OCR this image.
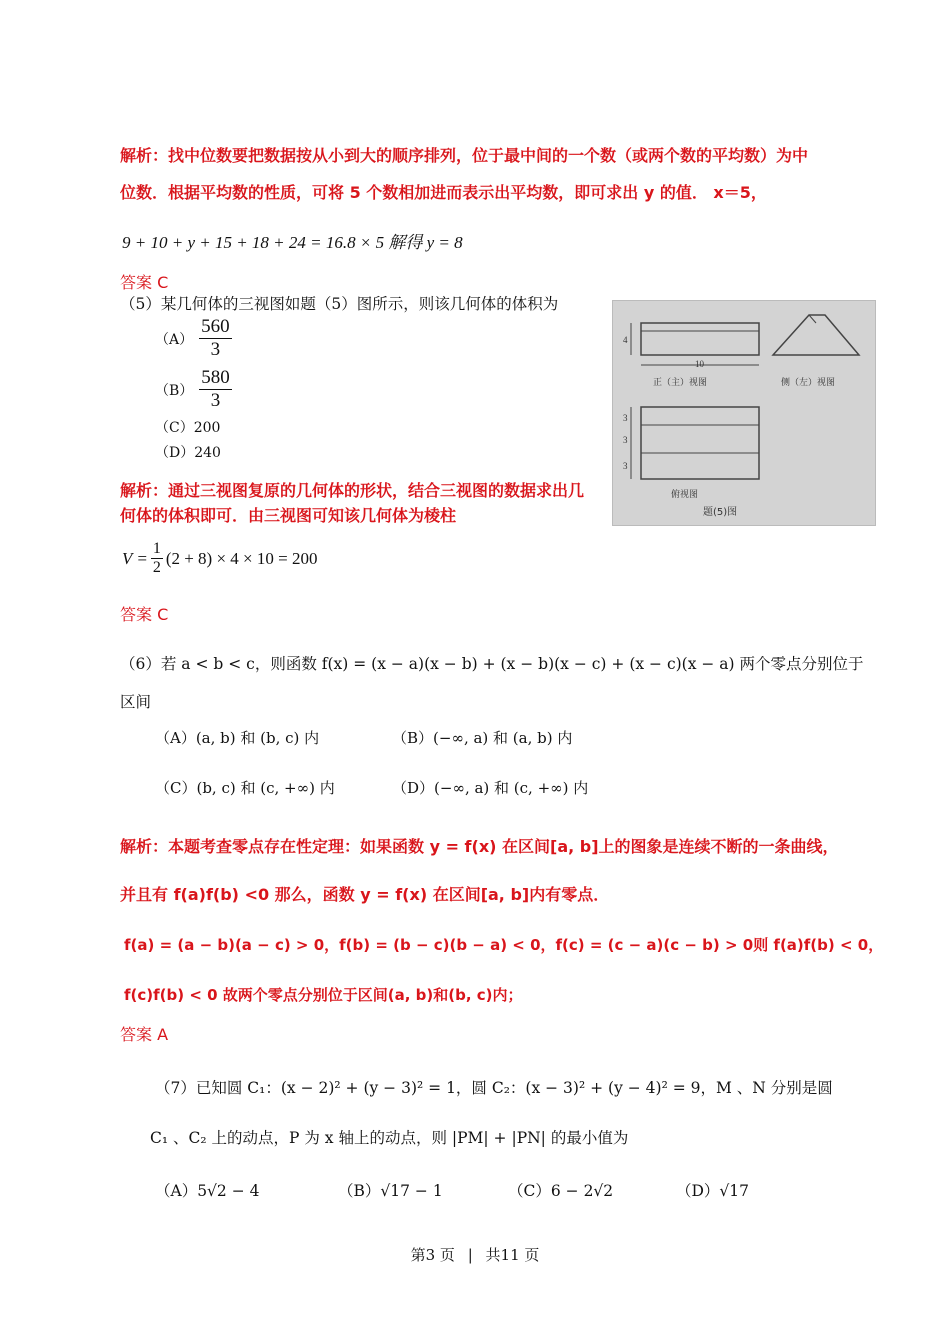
解析：找中位数要把数据按从小到大的顺序排列，位于最中间的一个数（或两个数的平均数）为中
位数．根据平均数的性质，可将 5 个数相加进而表示出平均数，即可求出 y 的值． x＝5，
9 + 10 + y + 15 + 18 + 24 = 16.8 × 5 解得 y = 8
答案 C
（5）某几何体的三视图如题（5）图所示，则该几何体的体积为
$(A) \frac{560}{3}$
$(B) \frac{580}{3}$
（C）200
（D）240
解析：通过三视图复原的几何体的形状，结合三视图的数据求出几
何体的体积即可．由三视图可知该几何体为棱柱
$V = \frac{1}{2} (2 + 8) \times 4 \times 10 = 200$
答案 C
4
10
正（主）视图	侧（左）视图
3
3
3
俯视图
题(5)图
（6）若 a < b < c，则函数 f(x) = (x − a)(x − b) + (x − b)(x − c) + (x − c)(x − a) 两个零点分别位于
区间
（A）(a, b) 和 (b, c) 内	（B）(−∞, a) 和 (a, b) 内
（C）(b, c) 和 (c, +∞) 内	（D）(−∞, a) 和 (c, +∞) 内
解析：本题考查零点存在性定理：如果函数 y = f(x) 在区间[a, b]上的图象是连续不断的一条曲线，
并且有 f(a)f(b) <0 那么，函数 y = f(x) 在区间[a, b]内有零点．
f(a) = (a − b)(a − c) > 0，f(b) = (b − c)(b − a) < 0，f(c) = (c − a)(c − b) > 0则 f(a)f(b) < 0，
f(c)f(b) < 0 故两个零点分别位于区间(a, b)和(b, c)内；
答案 A
（7）已知圆 C₁：(x − 2)² + (y − 3)² = 1，圆 C₂：(x − 3)² + (y − 4)² = 9，M 、N 分别是圆
C₁ 、C₂ 上的动点，P 为 x 轴上的动点，则 |PM| + |PN| 的最小值为
（A）5√2 − 4	（B）√17 − 1	（C）6 − 2√2	（D）√17
第3 页 | 共11 页
